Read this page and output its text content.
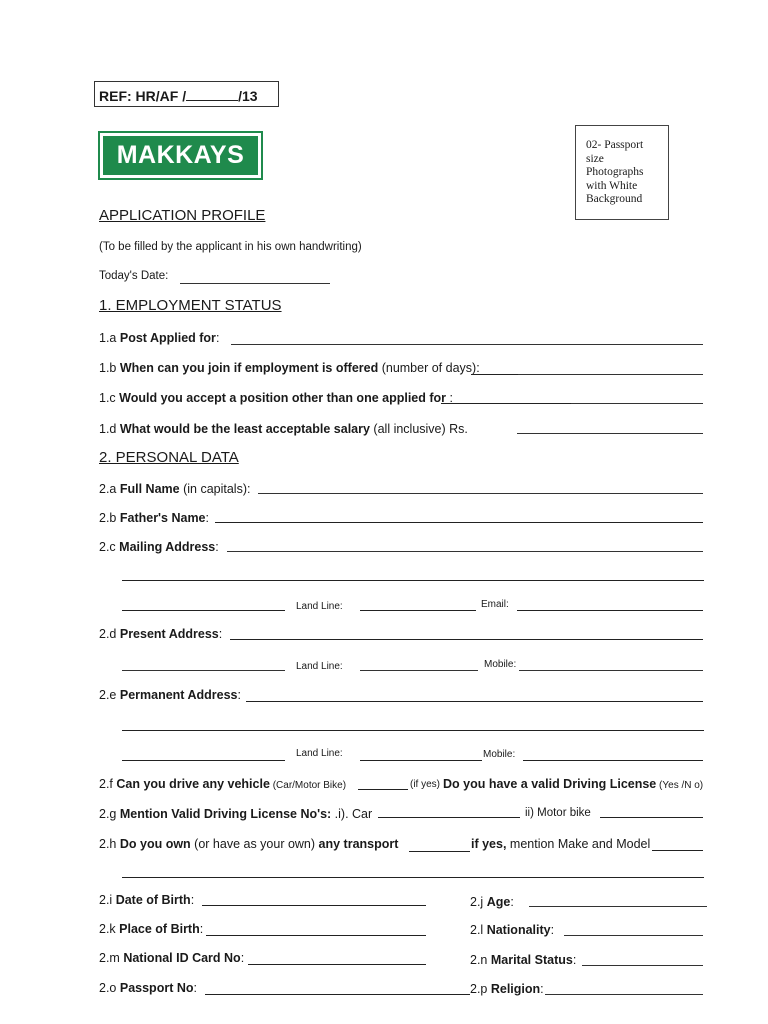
REF: HR/AF /	/13
MAKKAYS	02- Passport
size
Photographs
with White
Background
APPLICATION PROFILE
(To be filled by the applicant in his own handwriting)
Today's Date:
1. EMPLOYMENT STATUS
1.a Post Applied for:
1.b When can you join if employment is offered (number of days):
1.c Would you accept a position other than one applied for :
1.d What would be the least acceptable salary (all inclusive) Rs.
2. PERSONAL DATA
2.a Full Name (in capitals):
2.b Father's Name:
2.c Mailing Address:
Land Line:	Email:
2.d Present Address:
Land Line:	Mobile:
2.e Permanent Address:
Land Line:	Mobile:
2.f Can you drive any vehicle (Car/Motor Bike)	(if yes) Do you have a valid Driving License (Yes /N o)
2.g Mention Valid Driving License No's: .i). Car	ii) Motor bike
2.h Do you own (or have as your own) any transport	if yes, mention Make and Model
2.i Date of Birth:	2.j Age:
2.k Place of Birth:	2.l Nationality:
2.m National ID Card No:	2.n Marital Status:
2.o Passport No:	2.p Religion:
